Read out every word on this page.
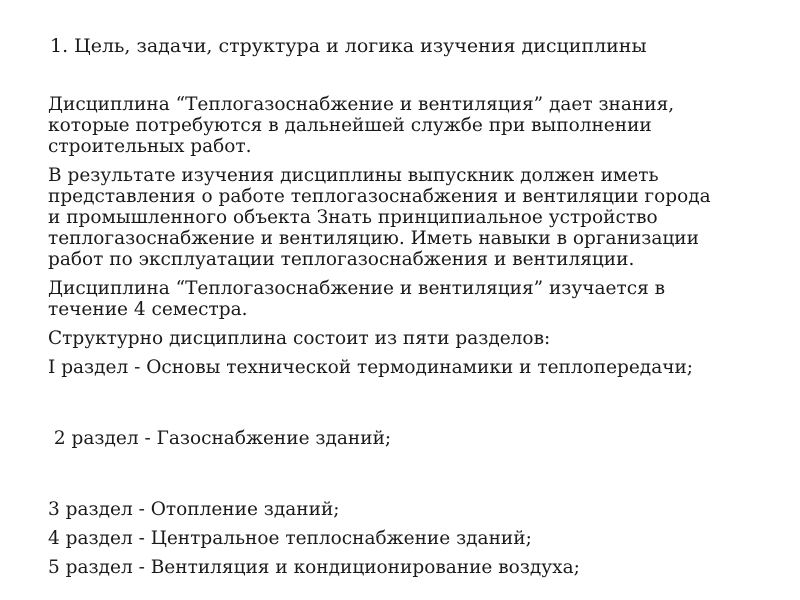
1. Цель, задачи, структура и логика изучения дисциплины

Дисциплина “Теплогазоснабжение и вентиляция” дает знания,
которые потребуются в дальнейшей службе при выполнении
строительных работ.

В результате изучения дисциплины выпускник должен иметь
представления о работе теплогазоснабжения и вентиляции города
и промышленного объекта Знать принципиальное устройство
теплогазоснабжение и вентиляцию. Иметь навыки в организации
работ по эксплуатации теплогазоснабжения и вентиляции.

Дисциплина “Теплогазоснабжение и вентиляция” изучается в
течение 4 семестра.

Структурно дисциплина состоит из пяти разделов:

I раздел - Основы технической термодинамики и теплопередачи;

2 раздел - Газоснабжение зданий;

3 раздел - Отопление зданий;

4 раздел - Центральное теплоснабжение зданий;

5 раздел - Вентиляция и кондиционирование воздуха;
